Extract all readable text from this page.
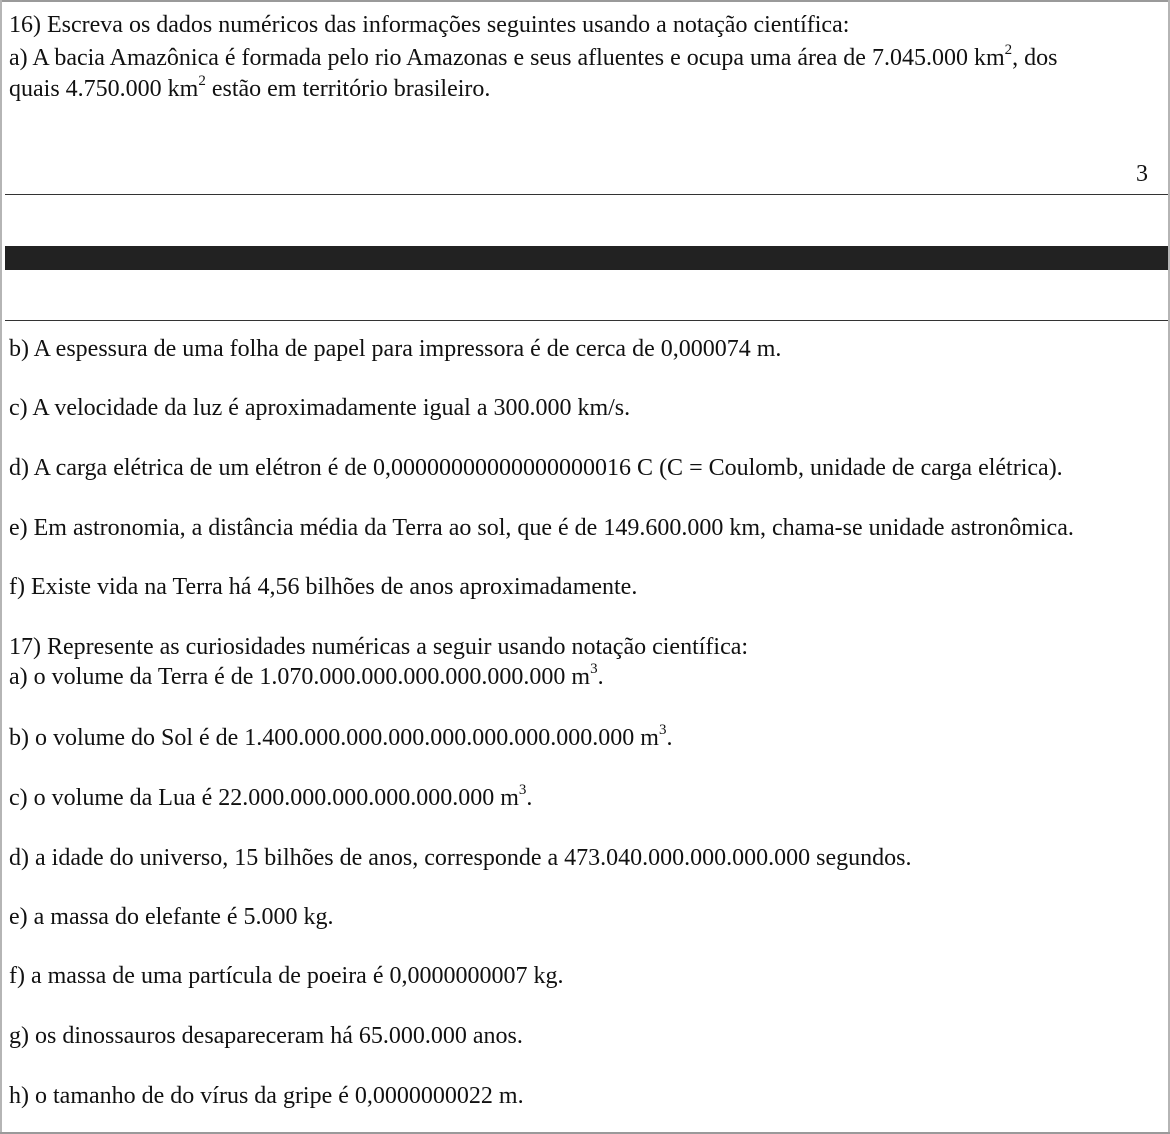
16) Escreva os dados numéricos das informações seguintes usando a notação científica:

a) A bacia Amazônica é formada pelo rio Amazonas e seus afluentes e ocupa uma área de 7.045.000 $km^2$, dos

quais 4.750.000 $km^2$ estão em território brasileiro.

3

b) A espessura de uma folha de papel para impressora é de cerca de 0,000074 m.

c) A velocidade da luz é aproximadamente igual a 300.000 km/s.

d) A carga elétrica de um elétron é de 0,00000000000000000016 C (C = Coulomb, unidade de carga elétrica).

e) Em astronomia, a distância média da Terra ao sol, que é de 149.600.000 km, chama-se unidade astronômica.

f) Existe vida na Terra há 4,56 bilhões de anos aproximadamente.

17) Represente as curiosidades numéricas a seguir usando notação científica:

a) o volume da Terra é de 1.070.000.000.000.000.000.000 $m^3$.

b) o volume do Sol é de 1.400.000.000.000.000.000.000.000.000 $m^3$.

c) o volume da Lua é 22.000.000.000.000.000.000 $m^3$.

d) a idade do universo, 15 bilhões de anos, corresponde a 473.040.000.000.000.000 segundos.

e) a massa do elefante é 5.000 kg.

f) a massa de uma partícula de poeira é 0,0000000007 kg.

g) os dinossauros desapareceram há 65.000.000 anos.

h) o tamanho de do vírus da gripe é 0,0000000022 m.
